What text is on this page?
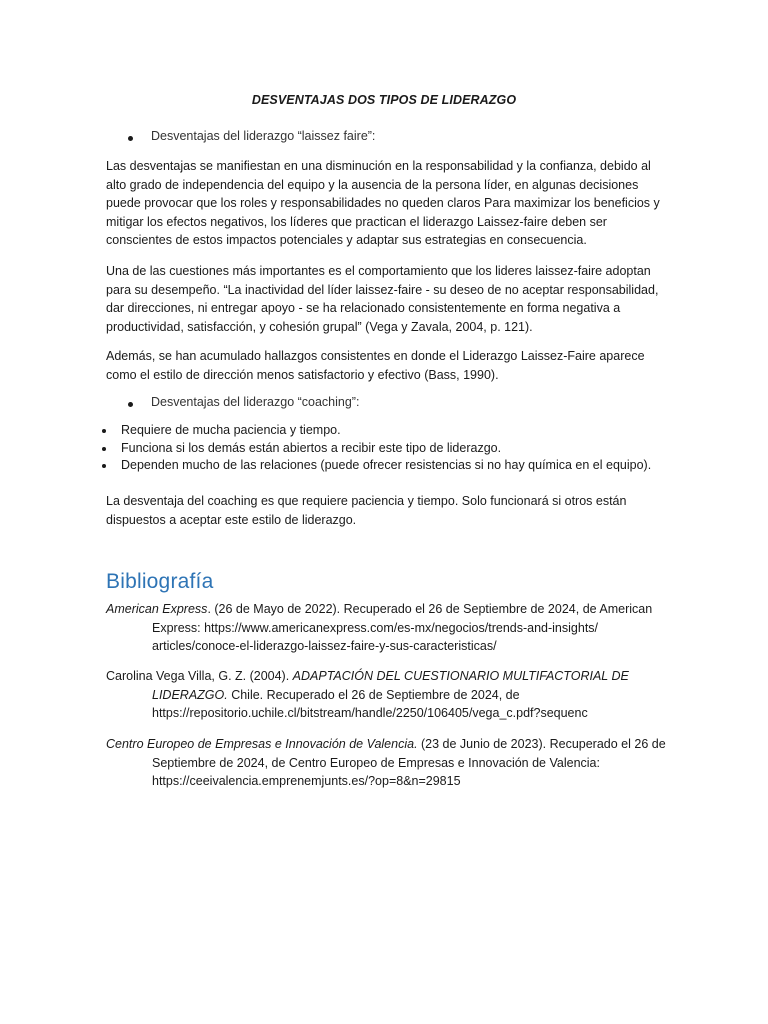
DESVENTAJAS DOS TIPOS DE LIDERAZGO
Desventajas del liderazgo “laissez faire”:
Las desventajas se manifiestan en una disminución en la responsabilidad y la confianza, debido al alto grado de independencia del equipo y la ausencia de la persona líder, en algunas decisiones puede provocar que los roles y responsabilidades no queden claros Para maximizar los beneficios y mitigar los efectos negativos, los líderes que practican el liderazgo Laissez-faire deben ser conscientes de estos impactos potenciales y adaptar sus estrategias en consecuencia.
Una de las cuestiones más importantes es el comportamiento que los lideres laissez-faire adoptan para su desempeño. “La inactividad del líder laissez-faire - su deseo de no aceptar responsabilidad, dar direcciones, ni entregar apoyo - se ha relacionado consistentemente en forma negativa a productividad, satisfacción, y cohesión grupal” (Vega y Zavala, 2004, p. 121).
Además, se han acumulado hallazgos consistentes en donde el Liderazgo Laissez-Faire aparece como el estilo de dirección menos satisfactorio y efectivo (Bass, 1990).
Desventajas del liderazgo “coaching”:
Requiere de mucha paciencia y tiempo.
Funciona si los demás están abiertos a recibir este tipo de liderazgo.
Dependen mucho de las relaciones (puede ofrecer resistencias si no hay química en el equipo).
La desventaja del coaching es que requiere paciencia y tiempo. Solo funcionará si otros están dispuestos a aceptar este estilo de liderazgo.
Bibliografía
American Express. (26 de Mayo de 2022). Recuperado el 26 de Septiembre de 2024, de American
Express: https://www.americanexpress.com/es-mx/negocios/trends-and-insights/
articles/conoce-el-liderazgo-laissez-faire-y-sus-caracteristicas/
Carolina Vega Villa, G. Z. (2004). ADAPTACIÓN DEL CUESTIONARIO MULTIFACTORIAL DE
LIDERAZGO. Chile. Recuperado el 26 de Septiembre de 2024, de
https://repositorio.uchile.cl/bitstream/handle/2250/106405/vega_c.pdf?sequenc
Centro Europeo de Empresas e Innovación de Valencia. (23 de Junio de 2023). Recuperado el 26 de
Septiembre de 2024, de Centro Europeo de Empresas e Innovación de Valencia:
https://ceeivalencia.emprenemjunts.es/?op=8&n=29815
